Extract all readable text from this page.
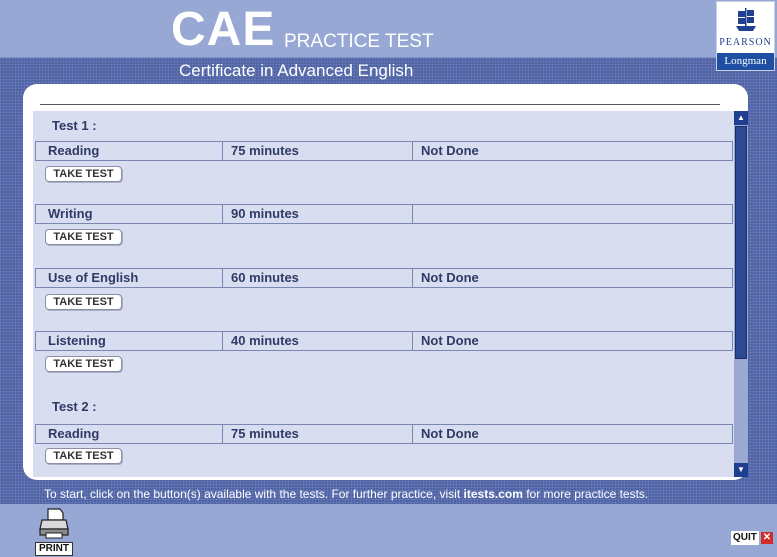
CAE PRACTICE TEST
Certificate in Advanced English
PEARSON
Longman
Test 1 :
Reading	75 minutes	Not Done
TAKE TEST
Writing	90 minutes
TAKE TEST
Use of English	60 minutes	Not Done
TAKE TEST
Listening	40 minutes	Not Done
TAKE TEST
Test 2 :
Reading	75 minutes	Not Done
TAKE TEST
▲
▼
To start, click on the button(s) available with the tests. For further practice, visit itests.com for more practice tests.
PRINT
QUIT ✕
